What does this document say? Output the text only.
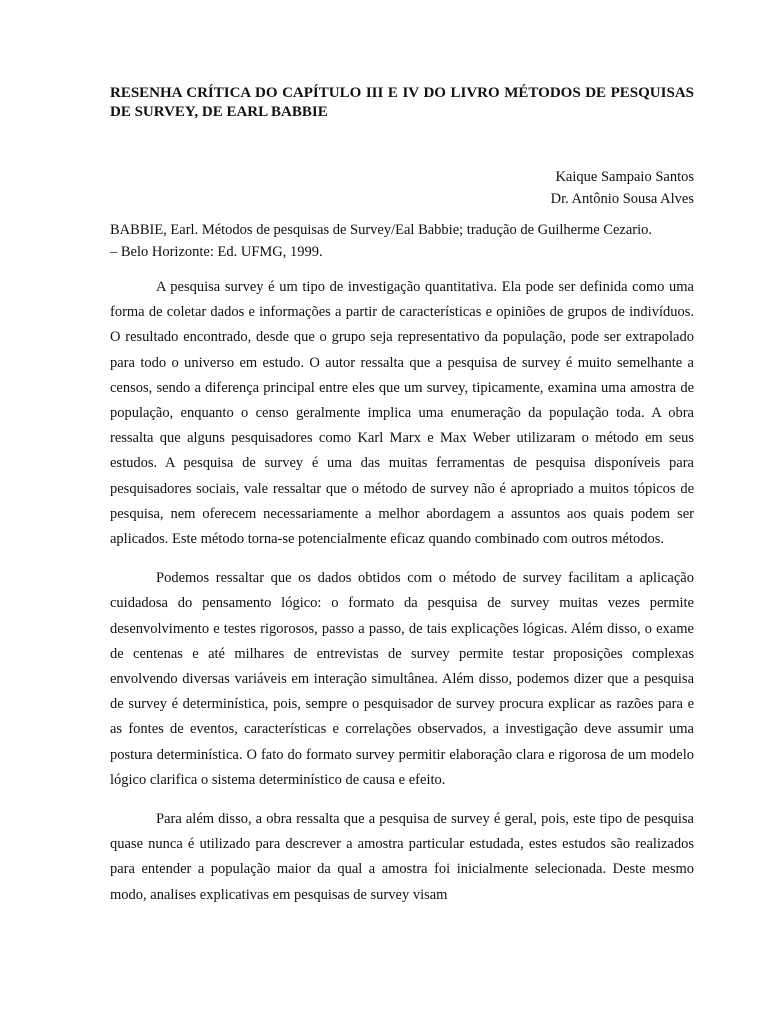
RESENHA CRÍTICA DO CAPÍTULO III E IV DO LIVRO MÉTODOS DE PESQUISAS DE SURVEY, DE EARL BABBIE

Kaique Sampaio Santos
Dr. Antônio Sousa Alves
BABBIE, Earl. Métodos de pesquisas de Survey/Eal Babbie; tradução de Guilherme Cezario.
– Belo Horizonte: Ed. UFMG, 1999.

A pesquisa survey é um tipo de investigação quantitativa. Ela pode ser definida como uma forma de coletar dados e informações a partir de características e opiniões de grupos de indivíduos. O resultado encontrado, desde que o grupo seja representativo da população, pode ser extrapolado para todo o universo em estudo. O autor ressalta que a pesquisa de survey é muito semelhante a censos, sendo a diferença principal entre eles que um survey, tipicamente, examina uma amostra de população, enquanto o censo geralmente implica uma enumeração da população toda. A obra ressalta que alguns pesquisadores como Karl Marx e Max Weber utilizaram o método em seus estudos. A pesquisa de survey é uma das muitas ferramentas de pesquisa disponíveis para pesquisadores sociais, vale ressaltar que o método de survey não é apropriado a muitos tópicos de pesquisa, nem oferecem necessariamente a melhor abordagem a assuntos aos quais podem ser aplicados. Este método torna-se potencialmente eficaz quando combinado com outros métodos.

Podemos ressaltar que os dados obtidos com o método de survey facilitam a aplicação cuidadosa do pensamento lógico: o formato da pesquisa de survey muitas vezes permite desenvolvimento e testes rigorosos, passo a passo, de tais explicações lógicas. Além disso, o exame de centenas e até milhares de entrevistas de survey permite testar proposições complexas envolvendo diversas variáveis em interação simultânea. Além disso, podemos dizer que a pesquisa de survey é determinística, pois, sempre o pesquisador de survey procura explicar as razões para e as fontes de eventos, características e correlações observados, a investigação deve assumir uma postura determinística. O fato do formato survey permitir elaboração clara e rigorosa de um modelo lógico clarifica o sistema determinístico de causa e efeito.

Para além disso, a obra ressalta que a pesquisa de survey é geral, pois, este tipo de pesquisa quase nunca é utilizado para descrever a amostra particular estudada, estes estudos são realizados para entender a população maior da qual a amostra foi inicialmente selecionada. Deste mesmo modo, analises explicativas em pesquisas de survey visam
